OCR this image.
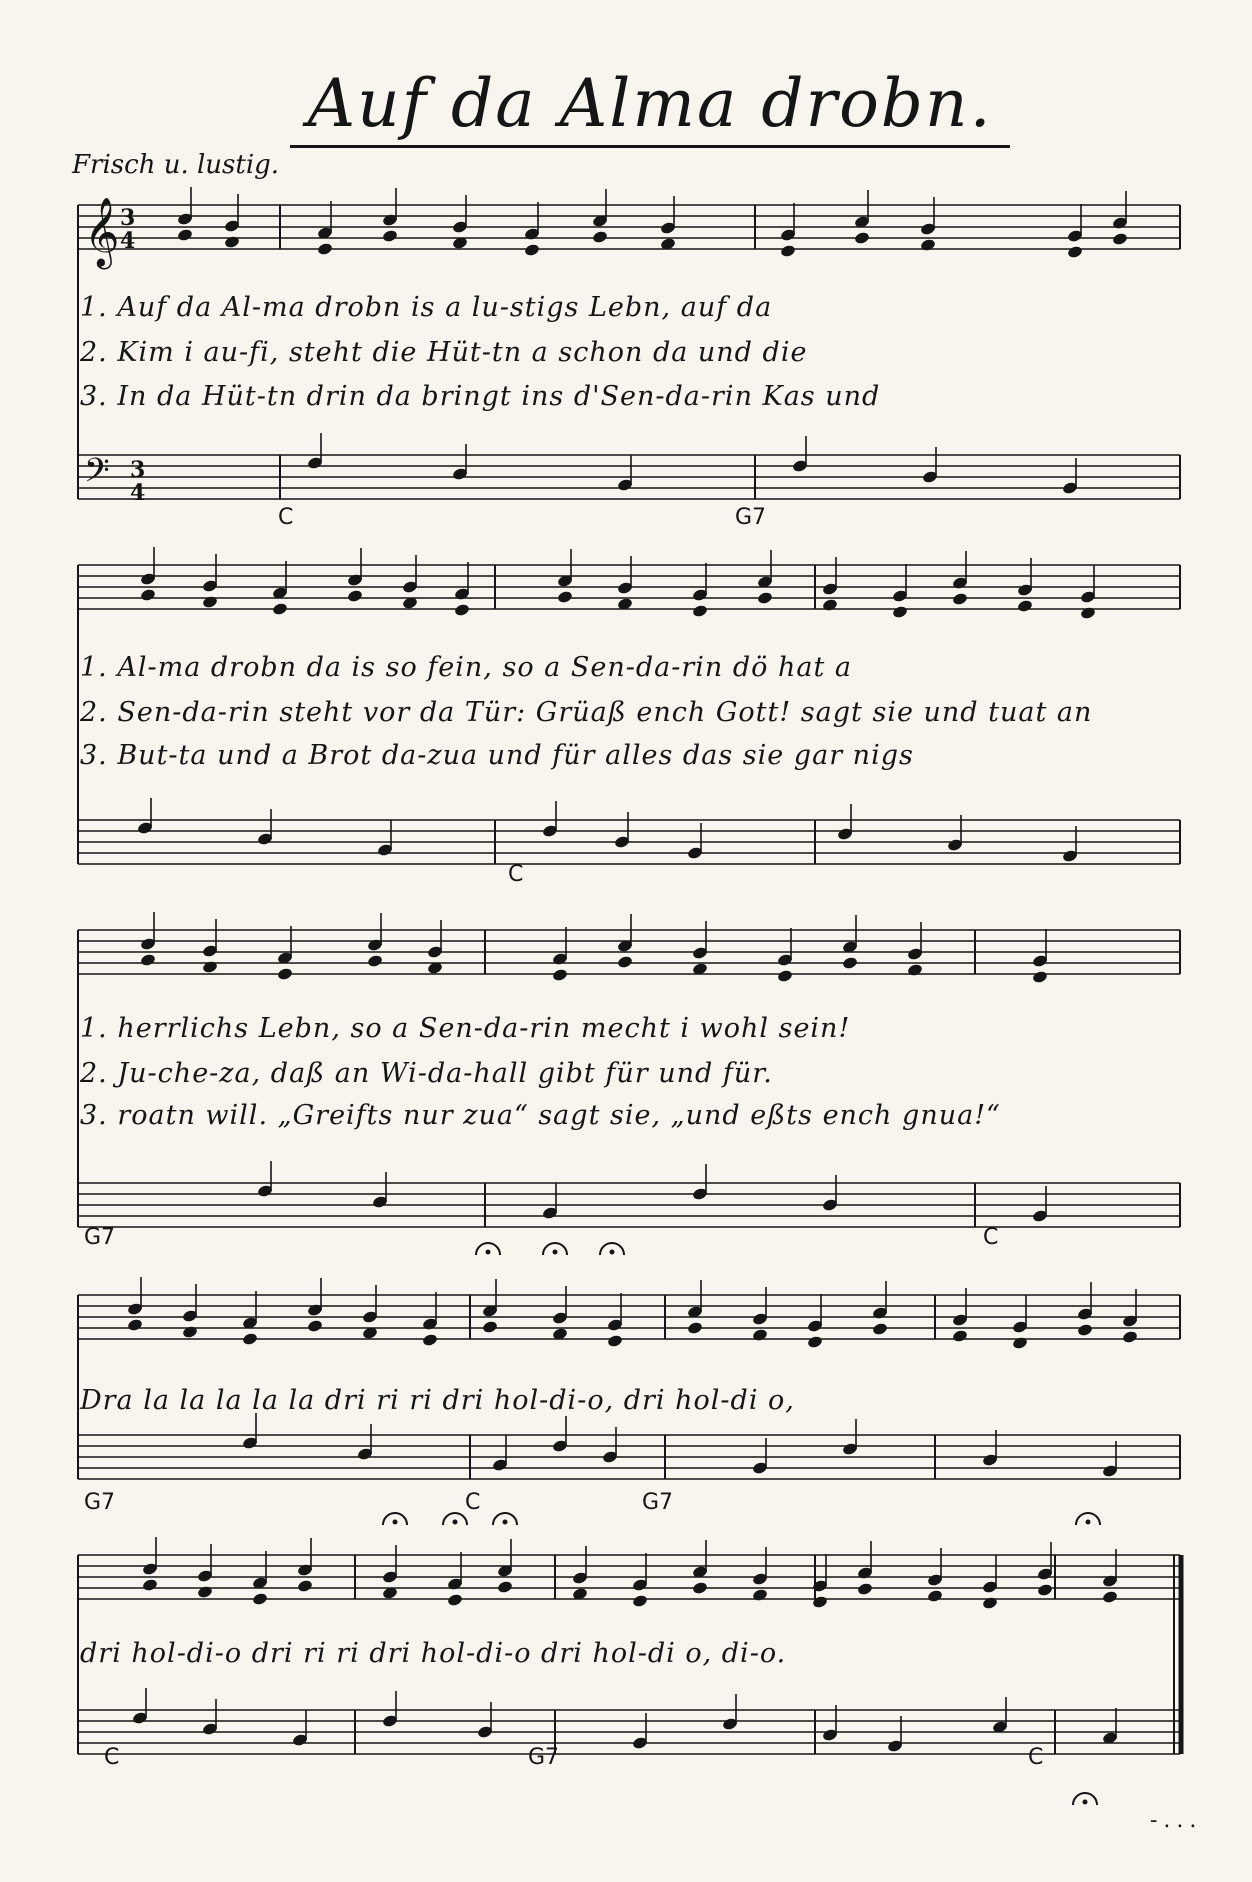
𝄞
𝄢
3
4
3
4
Auf da Alma drobn.
Frisch u. lustig.
1. Auf da Al-ma drobn is a lu-stigs Lebn, auf da
2. Kim i au-fi, steht die Hüt-tn a schon da und die
3. In da Hüt-tn drin da bringt ins d'Sen-da-rin Kas und
1. Al-ma drobn da is so fein, so a Sen-da-rin dö hat a
2. Sen-da-rin steht vor da Tür: Grüaß ench Gott! sagt sie und tuat an
3. But-ta und a Brot da-zua und für alles das sie gar nigs
1. herrlichs Lebn, so a Sen-da-rin mecht i wohl sein!
2. Ju-che-za, daß an Wi-da-hall gibt für und für.
3. roatn will. „Greifts nur zua“ sagt sie, „und eßts ench gnua!“
Dra la la la la la dri ri ri dri hol-di-o, dri hol-di o,
dri hol-di-o dri ri ri dri hol-di-o dri hol-di o, di-o.
C	G7
C
G7	C
G7	C	G7
C	G7	C
-...
